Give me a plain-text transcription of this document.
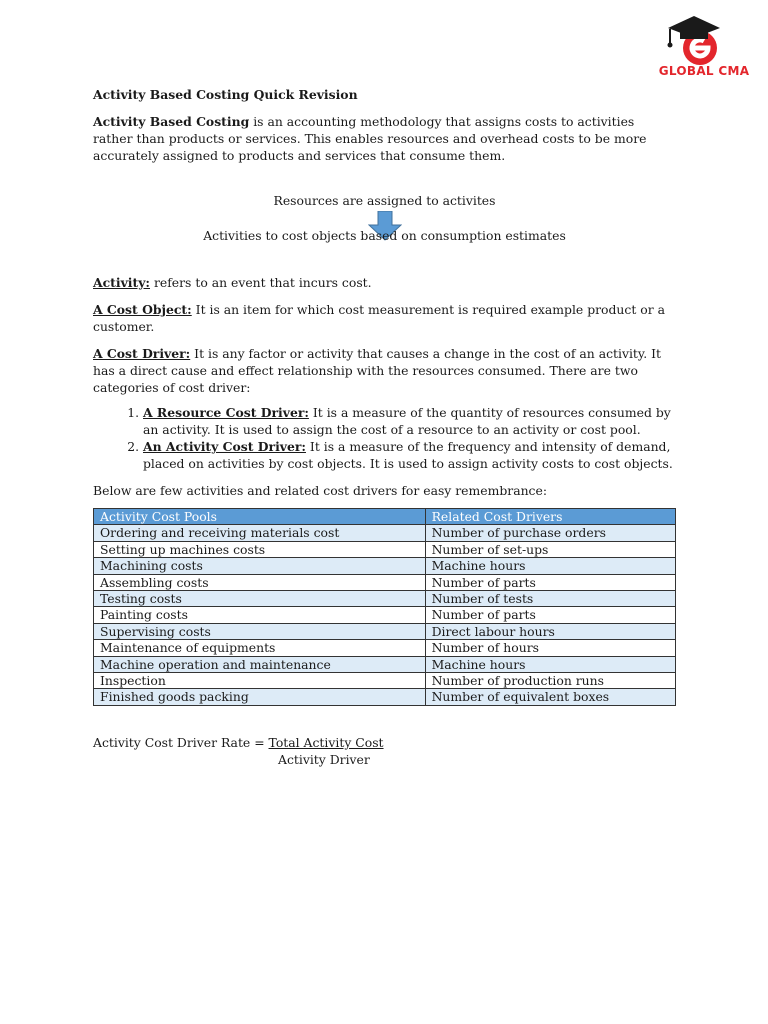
GLOBAL CMA
Activity Based Costing Quick Revision

Activity Based Costing is an accounting methodology that assigns costs to activities rather than products or services. This enables resources and overhead costs to be more accurately assigned to products and services that consume them.

Resources are assigned to activites
Activities to cost objects based on consumption estimates

Activity: refers to an event that incurs cost.

A Cost Object: It is an item for which cost measurement is required example product or a customer.

A Cost Driver: It is any factor or activity that causes a change in the cost of an activity. It has a direct cause and effect relationship with the resources consumed. There are two categories of cost driver:

1. A Resource Cost Driver: It is a measure of the quantity of resources consumed by an activity. It is used to assign the cost of a resource to an activity or cost pool.
2. An Activity Cost Driver: It is a measure of the frequency and intensity of demand, placed on activities by cost objects. It is used to assign activity costs to cost objects.

Below are few activities and related cost drivers for easy remembrance:

Activity Cost Pools	Related Cost Drivers
Ordering and receiving materials cost	Number of purchase orders
Setting up machines costs	Number of set-ups
Machining costs	Machine hours
Assembling costs	Number of parts
Testing costs	Number of tests
Painting costs	Number of parts
Supervising costs	Direct labour hours
Maintenance of equipments	Number of hours
Machine operation and maintenance	Machine hours
Inspection	Number of production runs
Finished goods packing	Number of equivalent boxes
Activity Cost Driver Rate = Total Activity Cost
Activity Driver
